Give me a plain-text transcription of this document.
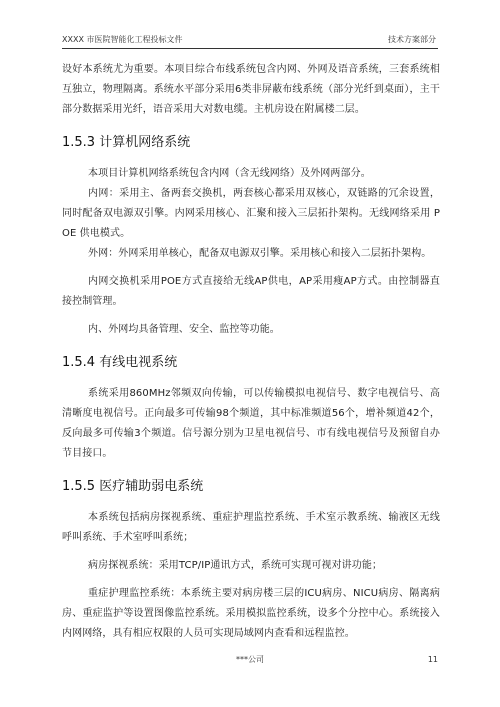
XXXX 市医院智能化工程投标文件	技术方案部分

设好本系统尤为重要。本项目综合布线系统包含内网、外网及语音系统，三套系统相互独立，物理隔离。系统水平部分采用6类非屏蔽布线系统（部分光纤到桌面），主干部分数据采用光纤，语音采用大对数电缆。主机房设在附属楼二层。

1.5.3 计算机网络系统

本项目计算机网络系统包含内网（含无线网络）及外网两部分。

内网：采用主、备两套交换机，两套核心都采用双核心，双链路的冗余设置，同时配备双电源双引擎。内网采用核心、汇聚和接入三层拓扑架构。无线网络采用 POE 供电模式。

外网：外网采用单核心，配备双电源双引擎。采用核心和接入二层拓扑架构。

内网交换机采用POE方式直接给无线AP供电，AP采用瘦AP方式。由控制器直接控制管理。

内、外网均具备管理、安全、监控等功能。

1.5.4 有线电视系统

系统采用860MHz邻频双向传输，可以传输模拟电视信号、数字电视信号、高清晰度电视信号。正向最多可传输98个频道，其中标准频道56个，增补频道42个，反向最多可传输3个频道。信号源分别为卫星电视信号、市有线电视信号及预留自办节目接口。

1.5.5 医疗辅助弱电系统

本系统包括病房探视系统、重症护理监控系统、手术室示教系统、输液区无线呼叫系统、手术室呼叫系统；

病房探视系统：采用TCP/IP通讯方式，系统可实现可视对讲功能；

重症护理监控系统：本系统主要对病房楼三层的ICU病房、NICU病房、隔离病房、重症监护等设置图像监控系统。采用模拟监控系统，设多个分控中心。系统接入内网网络，具有相应权限的人员可实现局域网内查看和远程监控。

***公司	11
